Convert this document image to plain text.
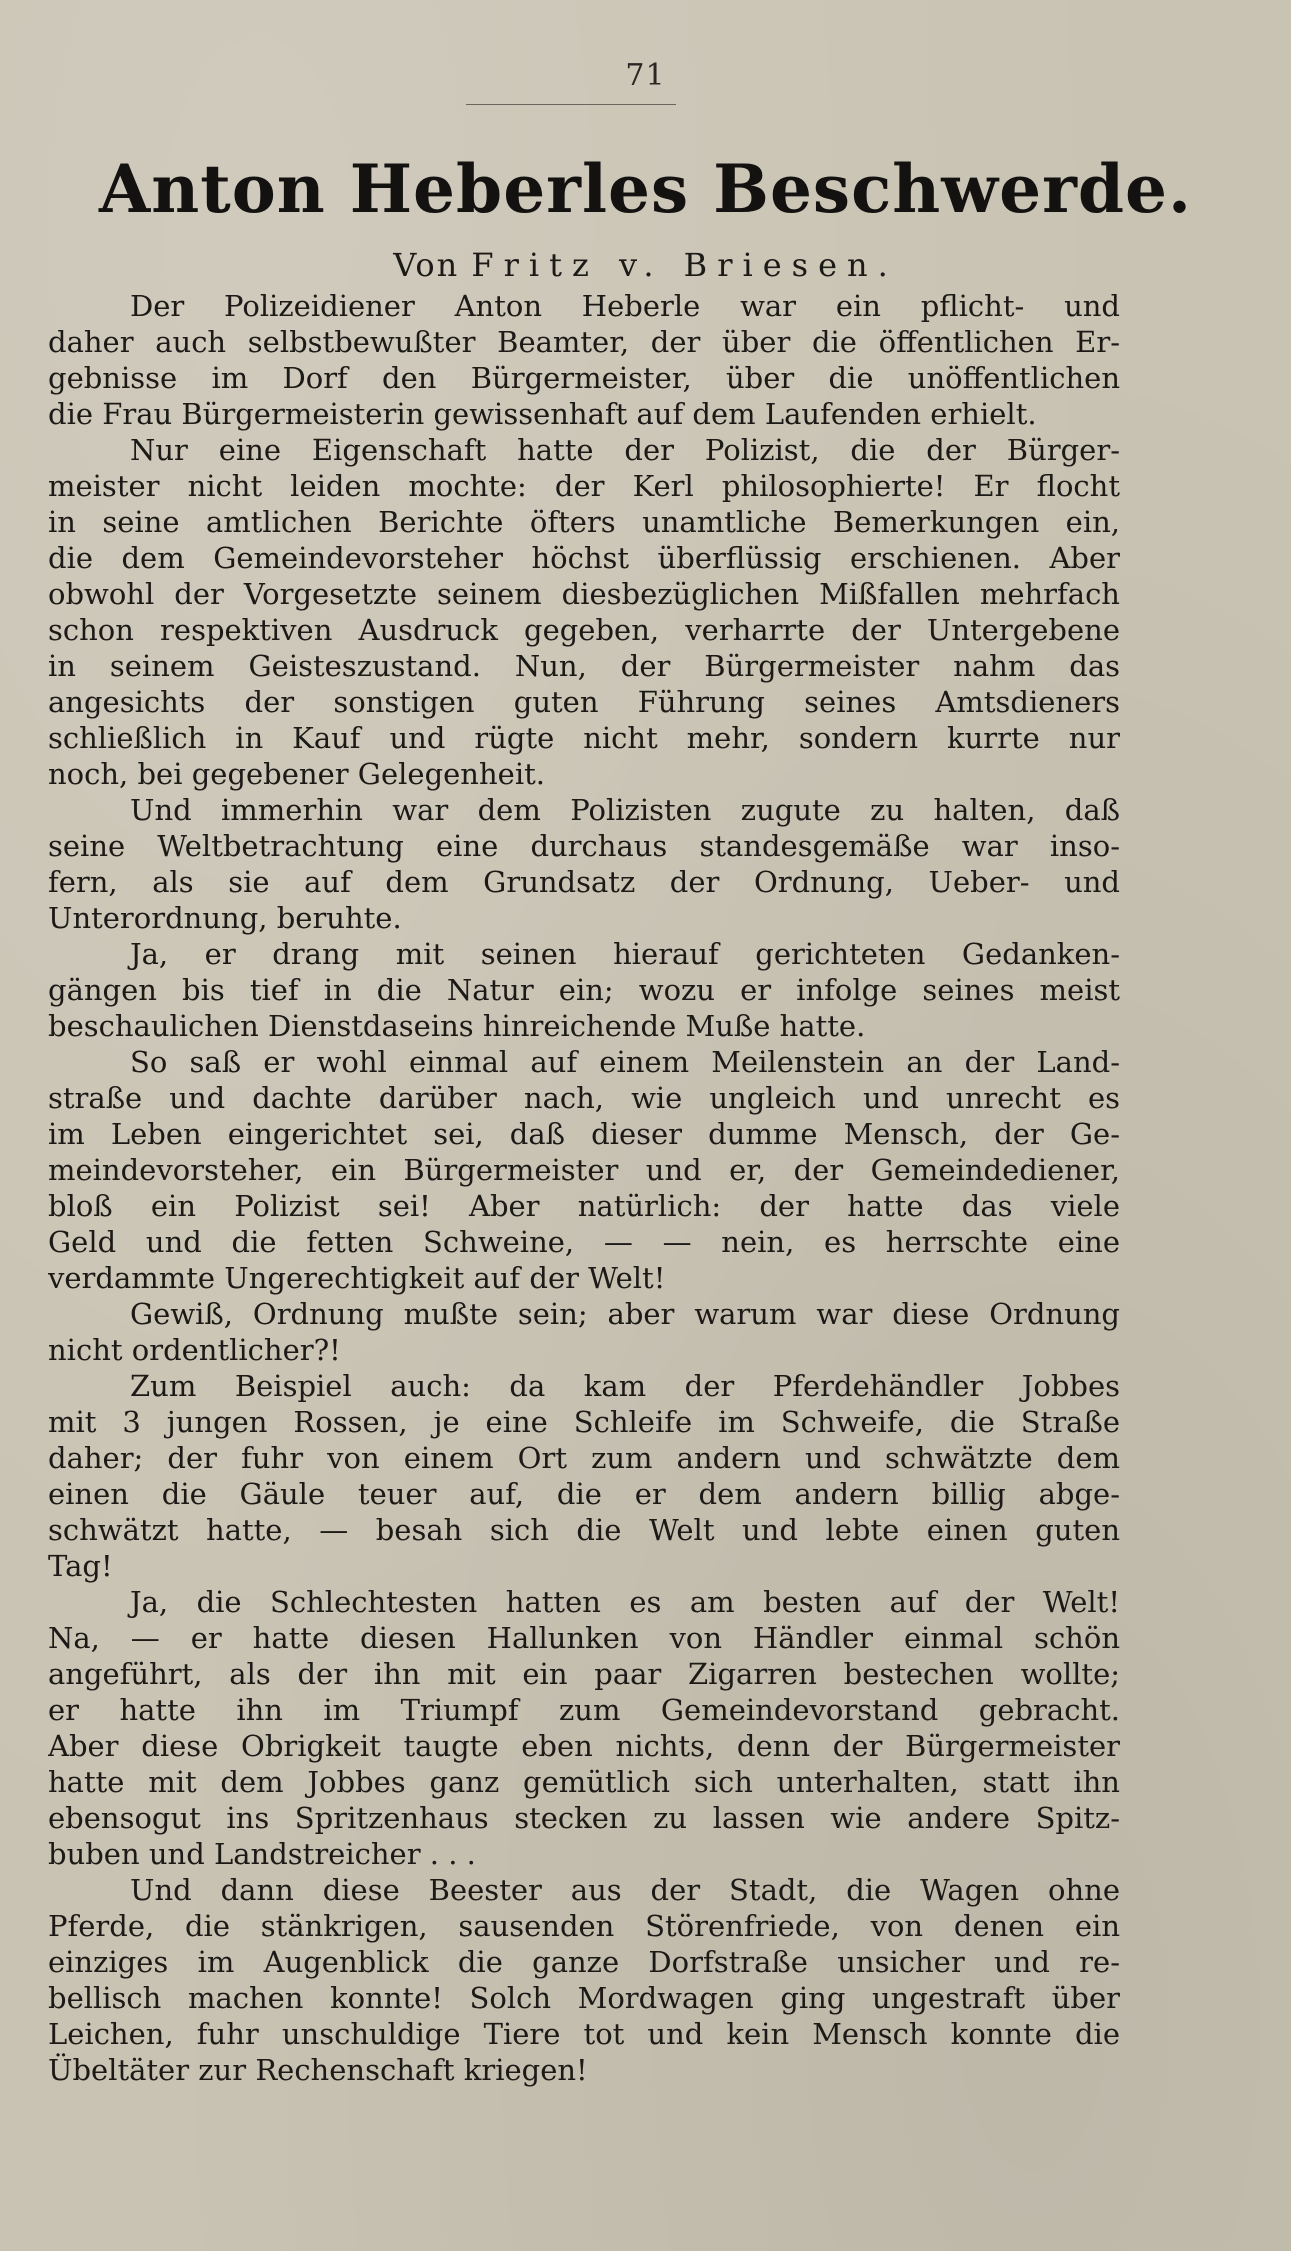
71
Anton Heberles Beschwerde.
Von Fritz v. Briesen.
Der Polizeidiener Anton Heberle war ein pflicht- und
daher auch selbstbewußter Beamter, der über die öffentlichen Er-
gebnisse im Dorf den Bürgermeister, über die unöffentlichen
die Frau Bürgermeisterin gewissenhaft auf dem Laufenden erhielt.
Nur eine Eigenschaft hatte der Polizist, die der Bürger-
meister nicht leiden mochte: der Kerl philosophierte! Er flocht
in seine amtlichen Berichte öfters unamtliche Bemerkungen ein,
die dem Gemeindevorsteher höchst überflüssig erschienen. Aber
obwohl der Vorgesetzte seinem diesbezüglichen Mißfallen mehrfach
schon respektiven Ausdruck gegeben, verharrte der Untergebene
in seinem Geisteszustand. Nun, der Bürgermeister nahm das
angesichts der sonstigen guten Führung seines Amtsdieners
schließlich in Kauf und rügte nicht mehr, sondern kurrte nur
noch, bei gegebener Gelegenheit.
Und immerhin war dem Polizisten zugute zu halten, daß
seine Weltbetrachtung eine durchaus standesgemäße war inso-
fern, als sie auf dem Grundsatz der Ordnung, Ueber- und
Unterordnung, beruhte.
Ja, er drang mit seinen hierauf gerichteten Gedanken-
gängen bis tief in die Natur ein; wozu er infolge seines meist
beschaulichen Dienstdaseins hinreichende Muße hatte.
So saß er wohl einmal auf einem Meilenstein an der Land-
straße und dachte darüber nach, wie ungleich und unrecht es
im Leben eingerichtet sei, daß dieser dumme Mensch, der Ge-
meindevorsteher, ein Bürgermeister und er, der Gemeindediener,
bloß ein Polizist sei! Aber natürlich: der hatte das viele
Geld und die fetten Schweine, — — nein, es herrschte eine
verdammte Ungerechtigkeit auf der Welt!
Gewiß, Ordnung mußte sein; aber warum war diese Ordnung
nicht ordentlicher?!
Zum Beispiel auch: da kam der Pferdehändler Jobbes
mit 3 jungen Rossen, je eine Schleife im Schweife, die Straße
daher; der fuhr von einem Ort zum andern und schwätzte dem
einen die Gäule teuer auf, die er dem andern billig abge-
schwätzt hatte, — besah sich die Welt und lebte einen guten
Tag!
Ja, die Schlechtesten hatten es am besten auf der Welt!
Na, — er hatte diesen Hallunken von Händler einmal schön
angeführt, als der ihn mit ein paar Zigarren bestechen wollte;
er hatte ihn im Triumpf zum Gemeindevorstand gebracht.
Aber diese Obrigkeit taugte eben nichts, denn der Bürgermeister
hatte mit dem Jobbes ganz gemütlich sich unterhalten, statt ihn
ebensogut ins Spritzenhaus stecken zu lassen wie andere Spitz-
buben und Landstreicher . . .
Und dann diese Beester aus der Stadt, die Wagen ohne
Pferde, die stänkrigen, sausenden Störenfriede, von denen ein
einziges im Augenblick die ganze Dorfstraße unsicher und re-
bellisch machen konnte! Solch Mordwagen ging ungestraft über
Leichen, fuhr unschuldige Tiere tot und kein Mensch konnte die
Übeltäter zur Rechenschaft kriegen!
